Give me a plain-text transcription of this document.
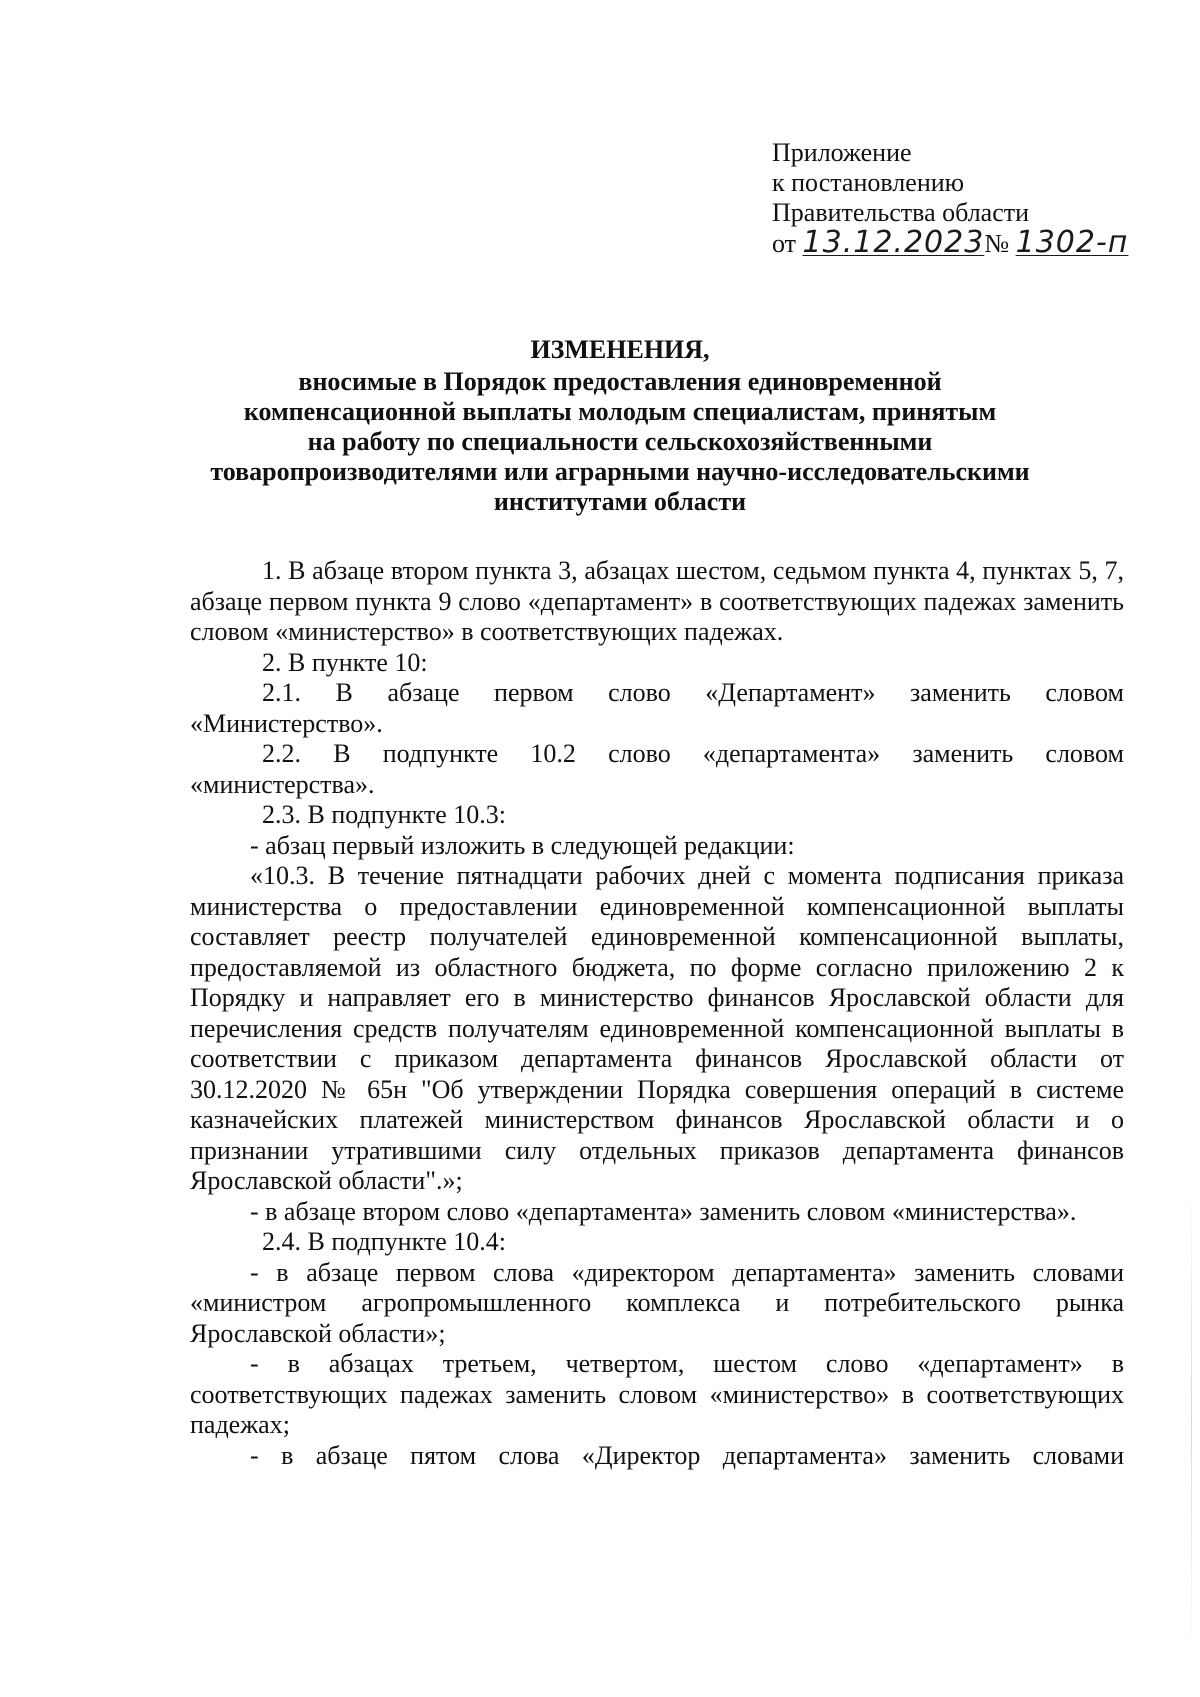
Приложение
к постановлению
Правительства области
от 13.12.2023№ 1302-п
ИЗМЕНЕНИЯ,
вносимые в Порядок предоставления единовременной
компенсационной выплаты молодым специалистам, принятым
на работу по специальности сельскохозяйственными
товаропроизводителями или аграрными научно-исследовательскими
институтами области

1. В абзаце втором пункта 3, абзацах шестом, седьмом пункта 4, пунктах 5, 7, абзаце первом пункта 9 слово «департамент» в соответствующих падежах заменить словом «министерство» в соответствующих падежах.

2. В пункте 10:

2.1. В абзаце первом слово «Департамент» заменить словом «Министерство».

2.2. В подпункте 10.2 слово «департамента» заменить словом «министерства».

2.3. В подпункте 10.3:

- абзац первый изложить в следующей редакции:

«10.3. В течение пятнадцати рабочих дней с момента подписания приказа министерства о предоставлении единовременной компенсационной выплаты составляет реестр получателей единовременной компенсационной выплаты, предоставляемой из областного бюджета, по форме согласно приложению 2 к Порядку и направляет его в министерство финансов Ярославской области для перечисления средств получателям единовременной компенсационной выплаты в соответствии с приказом департамента финансов Ярославской области от 30.12.2020 № 65н "Об утверждении Порядка совершения операций в системе казначейских платежей министерством финансов Ярославской области и о признании утратившими силу отдельных приказов департамента финансов Ярославской области".»;

- в абзаце втором слово «департамента» заменить словом «министерства».

2.4. В подпункте 10.4:

- в абзаце первом слова «директором департамента» заменить словами «министром агропромышленного комплекса и потребительского рынка Ярославской области»;

- в абзацах третьем, четвертом, шестом слово «департамент» в соответствующих падежах заменить словом «министерство» в соответствующих падежах;

- в абзаце пятом слова «Директор департамента» заменить словами
